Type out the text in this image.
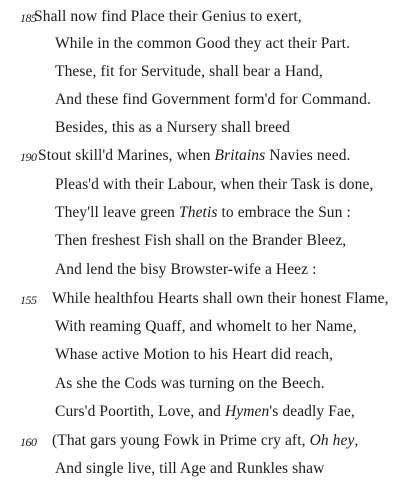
185
Shall now find Place their Genius to exert,
While in the common Good they act their Part.
These, fit for Servitude, shall bear a Hand,
And these find Government form'd for Command.
Besides, this as a Nursery shall breed
190 Stout skill'd Marines, when Britains Navies need.
Pleas'd with their Labour, when their Task is done,
They'll leave green Thetis to embrace the Sun :
Then freshest Fish shall on the Brander Bleez,
And lend the bisy Browster-wife a Heez :
155 While healthfou Hearts shall own their honest Flame,
With reaming Quaff, and whomelt to her Name,
Whase active Motion to his Heart did reach,
As she the Cods was turning on the Beech.
Curs'd Poortith, Love, and Hymen's deadly Fae,
160 (That gars young Fowk in Prime cry aft, Oh hey,
And single live, till Age and Runkles shaw
